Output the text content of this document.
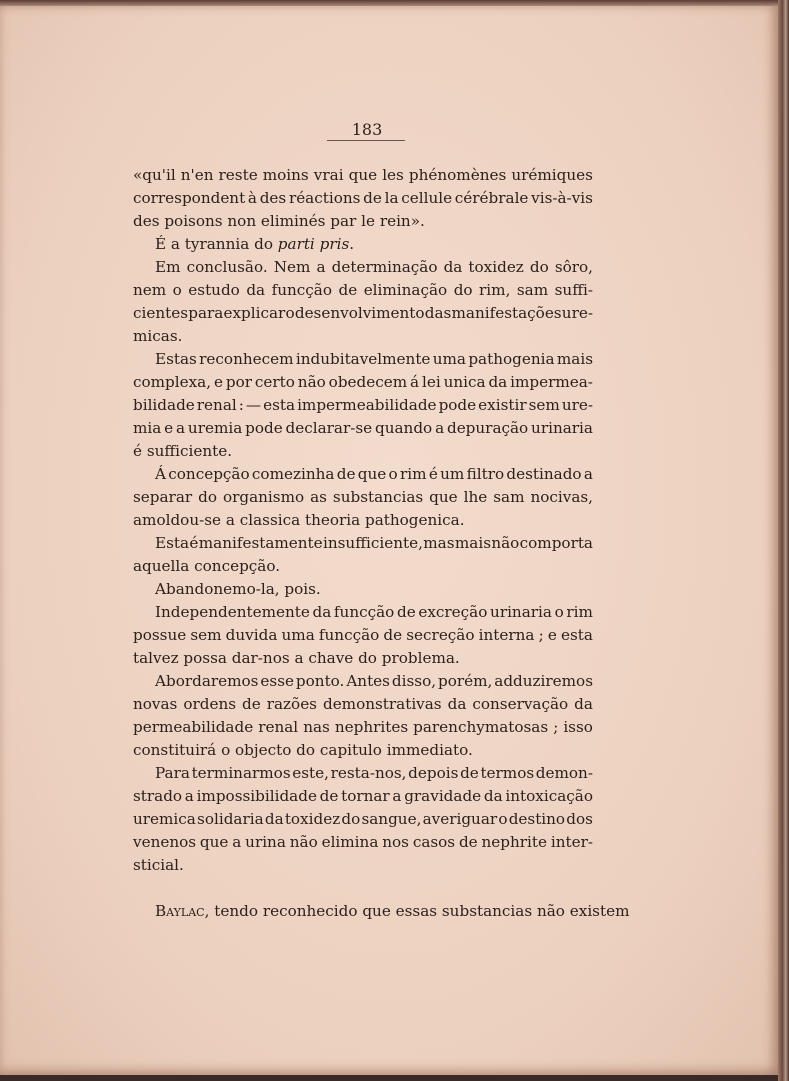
183
«qu'il n'en reste moins vrai que les phénomènes urémiques
correspondent à des réactions de la cellule cérébrale vis-à-vis
des poisons non eliminés par le rein».
É a tyrannia do parti pris .
Em conclusão. Nem a determinação da toxidez do sôro,
nem o estudo da funcção de eliminação do rim, sam suffi-
cientes para explicar o desenvolvimento das manifestações ure-
micas.
Estas reconhecem indubitavelmente uma pathogenia mais
complexa, e por certo não obedecem á lei unica da impermea-
bilidade renal : — esta impermeabilidade pode existir sem ure-
mia e a uremia pode declarar-se quando a depuração urinaria
é sufficiente.
Á concepção comezinha de que o rim é um filtro destinado a
separar do organismo as substancias que lhe sam nocivas,
amoldou-se a classica theoria pathogenica.
Esta é manifestamente insufficiente, mas mais não comporta
aquella concepção.
Abandonemo-la, pois.
Independentemente da funcção de excreção urinaria o rim
possue sem duvida uma funcção de secreção interna ; e esta
talvez possa dar-nos a chave do problema.
Abordaremos esse ponto. Antes disso, porém, adduziremos
novas ordens de razões demonstrativas da conservação da
permeabilidade renal nas nephrites parenchymatosas ; isso
constituirá o objecto do capitulo immediato.
Para terminarmos este, resta-nos, depois de termos demon-
strado a impossibilidade de tornar a gravidade da intoxicação
uremica solidaria da toxidez do sangue, averiguar o destino dos
venenos que a urina não elimina nos casos de nephrite inter-
sticial.
Baylac , tendo reconhecido que essas substancias não existem
